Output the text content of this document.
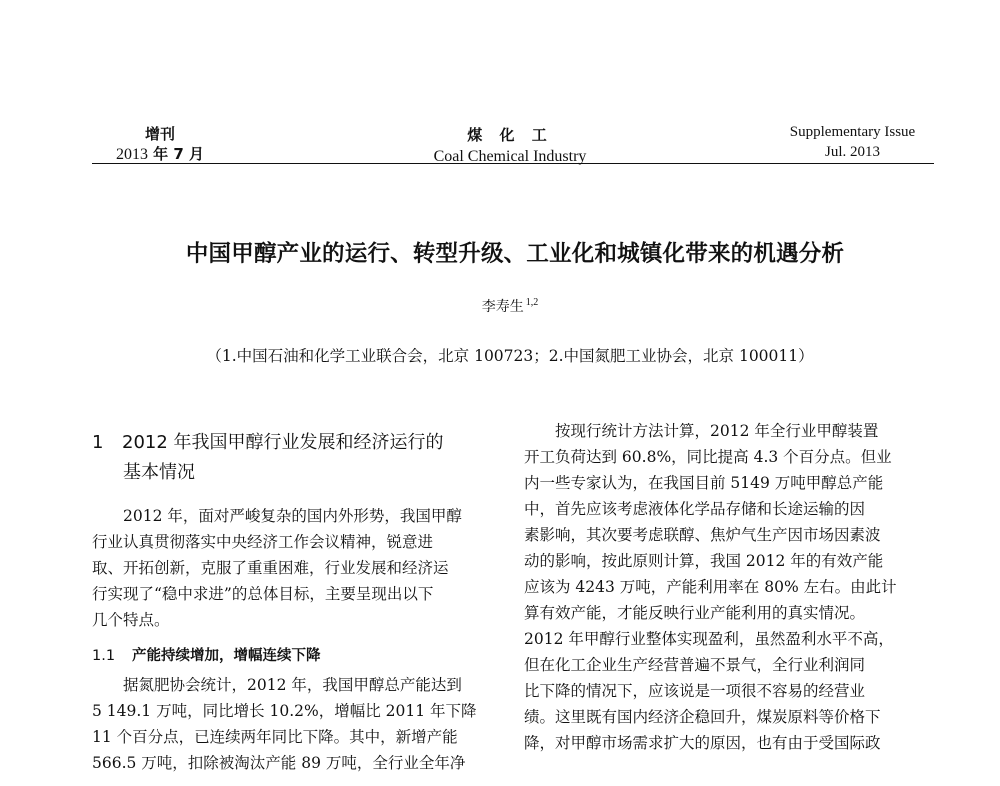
增刊
2013 年 7 月
煤 化 工
Coal Chemical Industry
Supplementary Issue
Jul. 2013
中国甲醇产业的运行、转型升级、工业化和城镇化带来的机遇分析
李寿生 $^{1,2}$
（1.中国石油和化学工业联合会，北京 100723；2.中国氮肥工业协会，北京 100011）
1 2012 年我国甲醇行业发展和经济运行的
基本情况

　　2012 年，面对严峻复杂的国内外形势，我国甲醇

行业认真贯彻落实中央经济工作会议精神，锐意进

取、开拓创新，克服了重重困难，行业发展和经济运

行实现了“稳中求进”的总体目标，主要呈现出以下

几个特点。

1.1 产能持续增加，增幅连续下降

　　据氮肥协会统计，2012 年，我国甲醇总产能达到

5 149.1 万吨，同比增长 10.2%，增幅比 2011 年下降

11 个百分点，已连续两年同比下降。其中，新增产能

566.5 万吨，扣除被淘汰产能 89 万吨，全行业全年净

　　按现行统计方法计算，2012 年全行业甲醇装置

开工负荷达到 60.8%，同比提高 4.3 个百分点。但业

内一些专家认为，在我国目前 5149 万吨甲醇总产能

中，首先应该考虑液体化学品存储和长途运输的因

素影响，其次要考虑联醇、焦炉气生产因市场因素波

动的影响，按此原则计算，我国 2012 年的有效产能

应该为 4243 万吨，产能利用率在 80% 左右。由此计

算有效产能，才能反映行业产能利用的真实情况。

2012 年甲醇行业整体实现盈利，虽然盈利水平不高，

但在化工企业生产经营普遍不景气，全行业利润同

比下降的情况下，应该说是一项很不容易的经营业

绩。这里既有国内经济企稳回升，煤炭原料等价格下

降，对甲醇市场需求扩大的原因，也有由于受国际政
